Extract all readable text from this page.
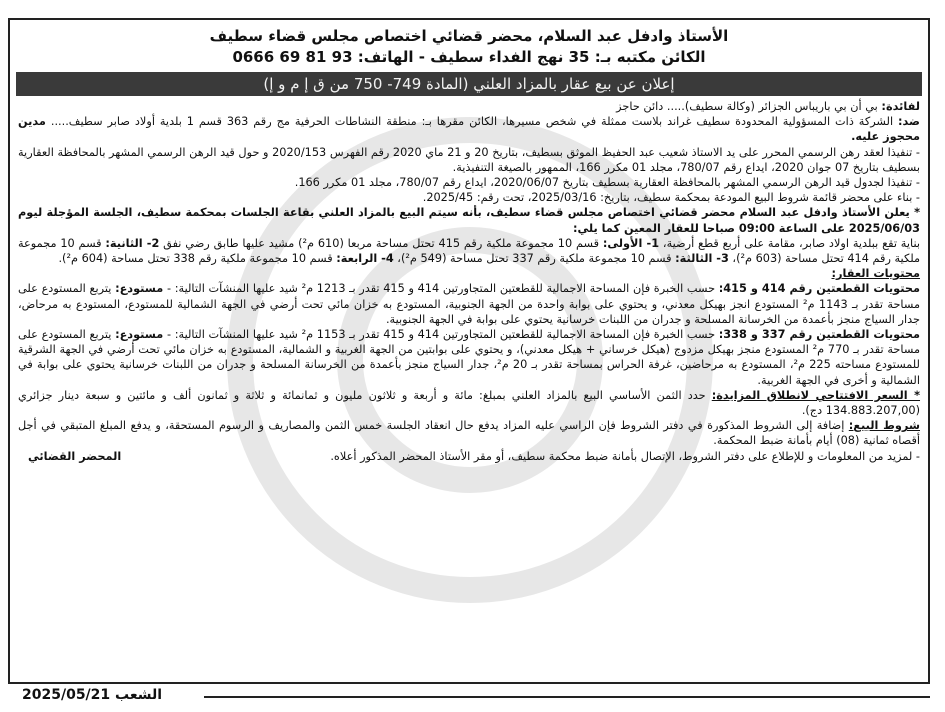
الأستاذ وادفل عبد السلام، محضر قضائي اختصاص مجلس قضاء سطيف
الكائن مكتبه بـ: 35 نهج الفداء سطيف - الهاتف: 93 81 69 0666
إعلان عن بيع عقار بالمزاد العلني (المادة 749- 750 من ق إ م و إ)

لفائدة: بي أن بي باريباس الجزائر (وكالة سطيف)..... دائن حاجز

ضد: الشركة ذات المسؤولية المحدودة سطيف غراند بلاست ممثلة في شخص مسيرها، الكائن مقرها بـ: منطقة النشاطات الحرفية مج رقم 363 قسم 1 بلدية أولاد صابر سطيف..... مدين محجوز عليه.

- تنفيذا لعقد رهن الرسمي المحرر على يد الاستاذ شعيب عبد الحفيظ الموثق بسطيف، بتاريخ 20 و 21 ماي 2020 رقم الفهرس 2020/153 و حول قيد الرهن الرسمي المشهر بالمحافظة العقارية بسطيف بتاريخ 07 جوان 2020، ايداع رقم 780/07، مجلد 01 مكرر 166، الممهور بالصيغة التنفيذية.

- تنفيذا لجدول قيد الرهن الرسمي المشهر بالمحافظة العقارية بسطيف بتاريخ 2020/06/07، ايداع رقم 780/07، مجلد 01 مكرر 166.

- بناء على محضر قائمة شروط البيع المودعة بمحكمة سطيف، بتاريخ: 2025/03/16، تحت رقم: 2025/45.

* يعلن الأستاذ وادفل عبد السلام محضر قضائي اختصاص مجلس قضاء سطيف، بأنه سيتم البيع بالمزاد العلني بقاعة الجلسات بمحكمة سطيف، الجلسة المؤجلة ليوم 2025/06/03 على الساعة 09:00 صباحا للعقار المعين كما يلي:

بناية تقع ببلدية اولاد صابر، مقامة على أربع قطع أرضية، 1- الأولى: قسم 10 مجموعة ملكية رقم 415 تحتل مساحة مربعا (610 م²) مشيد عليها طابق رضي نفق 2- الثانية: قسم 10 مجموعة ملكية رقم 414 تحتل مساحة (603 م²)، 3- الثالثة: قسم 10 مجموعة ملكية رقم 337 تحتل مساحة (549 م²)، 4- الرابعة: قسم 10 مجموعة ملكية رقم 338 تحتل مساحة (604 م²).

محتويات العقار:

محتويات القطعتين رقم 414 و 415: حسب الخبرة فإن المساحة الاجمالية للقطعتين المتجاورتين 414 و 415 تقدر بـ 1213 م² شيد عليها المنشآت التالية: - مستودع: يتربع المستودع على مساحة تقدر بـ 1143 م² المستودع انجز بهيكل معدني، و يحتوي على بوابة واحدة من الجهة الجنوبية، المستودع به خزان مائي تحت أرضي في الجهة الشمالية للمستودع، المستودع به مرحاض، جدار السياج منجز بأعمدة من الخرسانة المسلحة و جدران من اللبنات خرسانية يحتوي على بوابة في الجهة الجنوبية.

محتويات القطعتين رقم 337 و 338: حسب الخبرة فإن المساحة الاجمالية للقطعتين المتجاورتين 414 و 415 تقدر بـ 1153 م² شيد عليها المنشآت التالية: - مستودع: يتربع المستودع على مساحة تقدر بـ 770 م² المستودع منجز بهيكل مزدوج (هيكل خرساني + هيكل معدني)، و يحتوي على بوابتين من الجهة الغربية و الشمالية، المستودع به خزان مائي تحت أرضي في الجهة الشرقية للمستودع مساحته 225 م²، المستودع به مرحاضين، غرفة الحراس بمساحة تقدر بـ 20 م²، جدار السياج منجز بأعمدة من الخرسانة المسلحة و جدران من اللبنات خرسانية يحتوي على بوابة في الشمالية و أخرى في الجهة الغربية.

* السعر الافتتاحي لانطلاق المزايدة: حدد الثمن الأساسي البيع بالمزاد العلني بمبلغ: مائة و أربعة و ثلاثون مليون و ثمانمائة و ثلاثة و ثمانون ألف و مائتين و سبعة دينار جزائري (134.883.207,00 دج).

شروط البيع: إضافة إلى الشروط المذكورة في دفتر الشروط فإن الراسي عليه المزاد يدفع حال انعقاد الجلسة خمس الثمن والمصاريف و الرسوم المستحقة، و يدفع المبلغ المتبقي في أجل أقصاه ثمانية (08) أيام بأمانة ضبط المحكمة.

- لمزيد من المعلومات و للإطلاع على دفتر الشروط، الإتصال بأمانة ضبط محكمة سطيف، أو مقر الأستاذ المحضر المذكور أعلاه.
المحضر القضائي
الشعب 2025/05/21
